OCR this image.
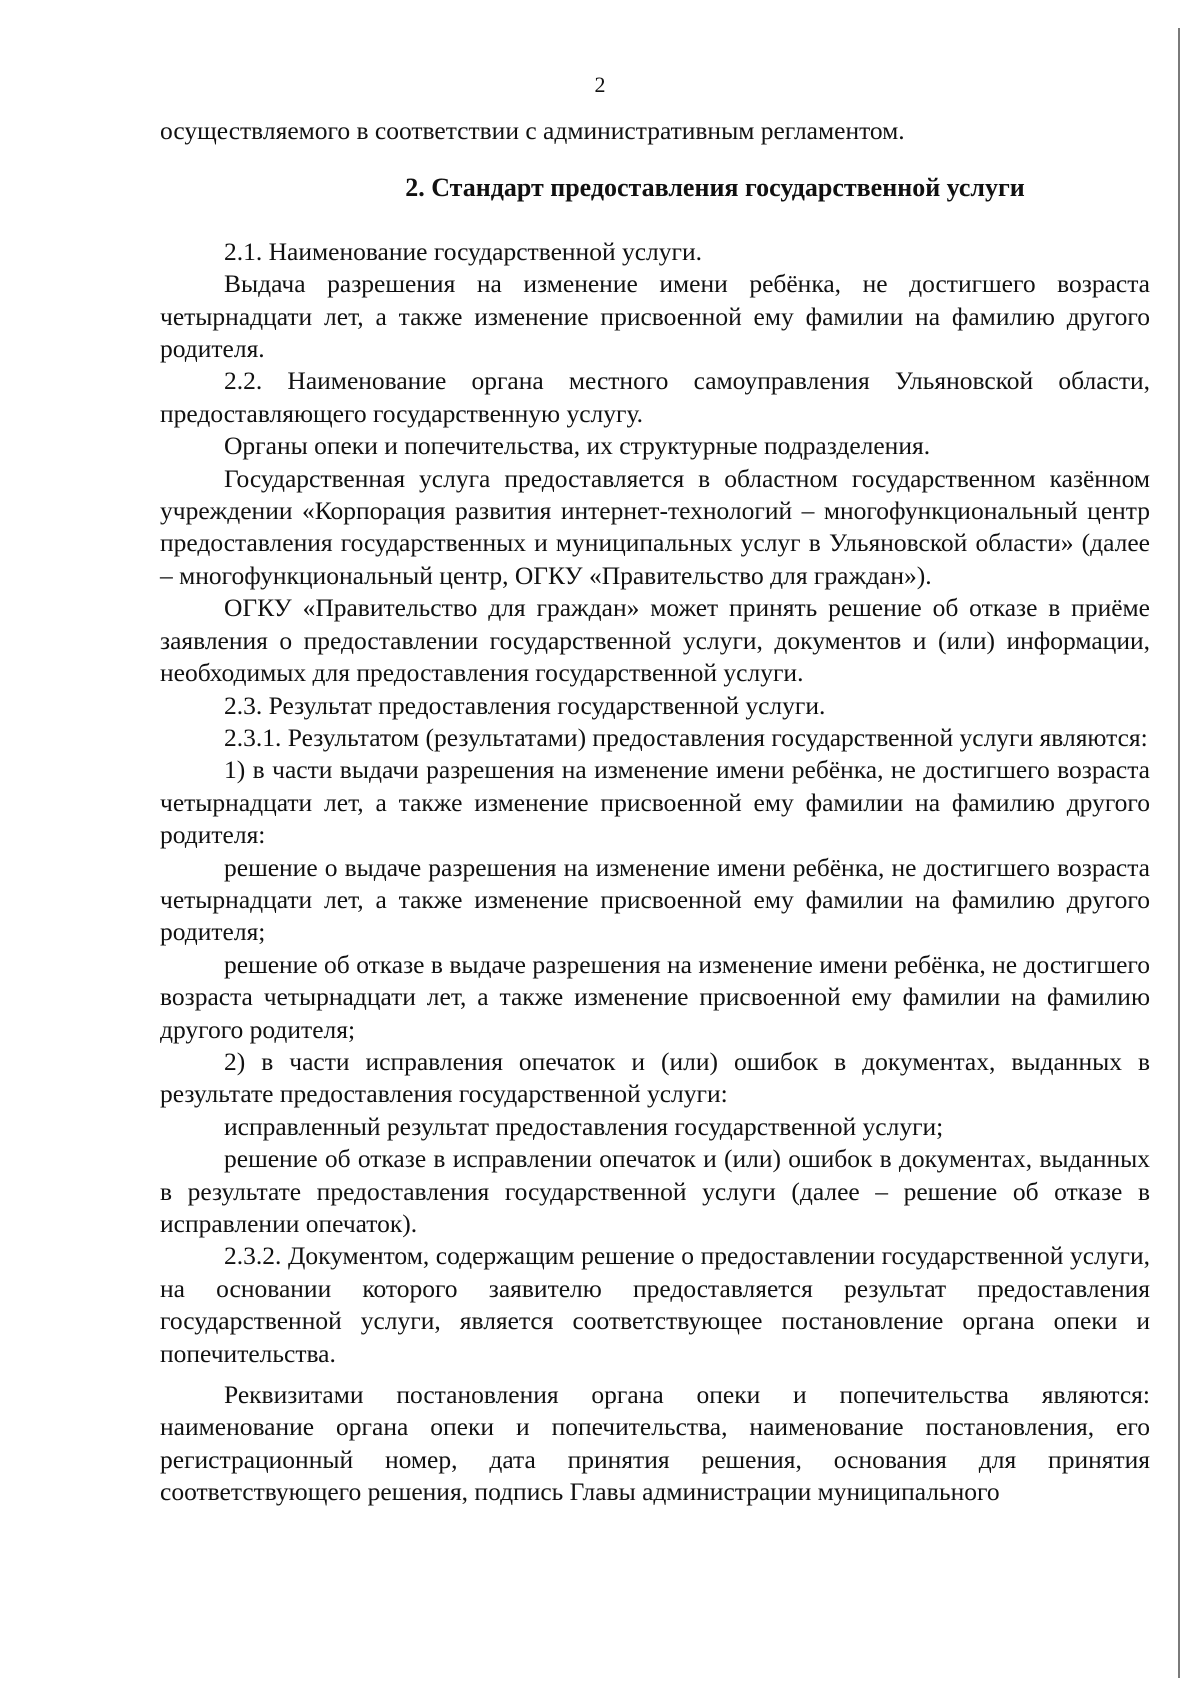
2

осуществляемого в соответствии с административным регламентом.

2. Стандарт предоставления государственной услуги

2.1. Наименование государственной услуги.

Выдача разрешения на изменение имени ребёнка, не достигшего возраста четырнадцати лет, а также изменение присвоенной ему фамилии на фамилию другого родителя.

2.2. Наименование органа местного самоуправления Ульяновской области, предоставляющего государственную услугу.

Органы опеки и попечительства, их структурные подразделения.

Государственная услуга предоставляется в областном государственном казённом учреждении «Корпорация развития интернет-технологий – многофункциональный центр предоставления государственных и муниципальных услуг в Ульяновской области» (далее – многофункциональный центр, ОГКУ «Правительство для граждан»).

ОГКУ «Правительство для граждан» может принять решение об отказе в приёме заявления о предоставлении государственной услуги, документов и (или) информации, необходимых для предоставления государственной услуги.

2.3. Результат предоставления государственной услуги.

2.3.1. Результатом (результатами) предоставления государственной услуги являются:

1) в части выдачи разрешения на изменение имени ребёнка, не достигшего возраста четырнадцати лет, а также изменение присвоенной ему фамилии на фамилию другого родителя:

решение о выдаче разрешения на изменение имени ребёнка, не достигшего возраста четырнадцати лет, а также изменение присвоенной ему фамилии на фамилию другого родителя;

решение об отказе в выдаче разрешения на изменение имени ребёнка, не достигшего возраста четырнадцати лет, а также изменение присвоенной ему фамилии на фамилию другого родителя;

2) в части исправления опечаток и (или) ошибок в документах, выданных в результате предоставления государственной услуги:

исправленный результат предоставления государственной услуги;

решение об отказе в исправлении опечаток и (или) ошибок в документах, выданных в результате предоставления государственной услуги (далее – решение об отказе в исправлении опечаток).

2.3.2. Документом, содержащим решение о предоставлении государственной услуги, на основании которого заявителю предоставляется результат предоставления государственной услуги, является соответствующее постановление органа опеки и попечительства.

Реквизитами постановления органа опеки и попечительства являются: наименование органа опеки и попечительства, наименование постановления, его регистрационный номер, дата принятия решения, основания для принятия соответствующего решения, подпись Главы администрации муниципального
